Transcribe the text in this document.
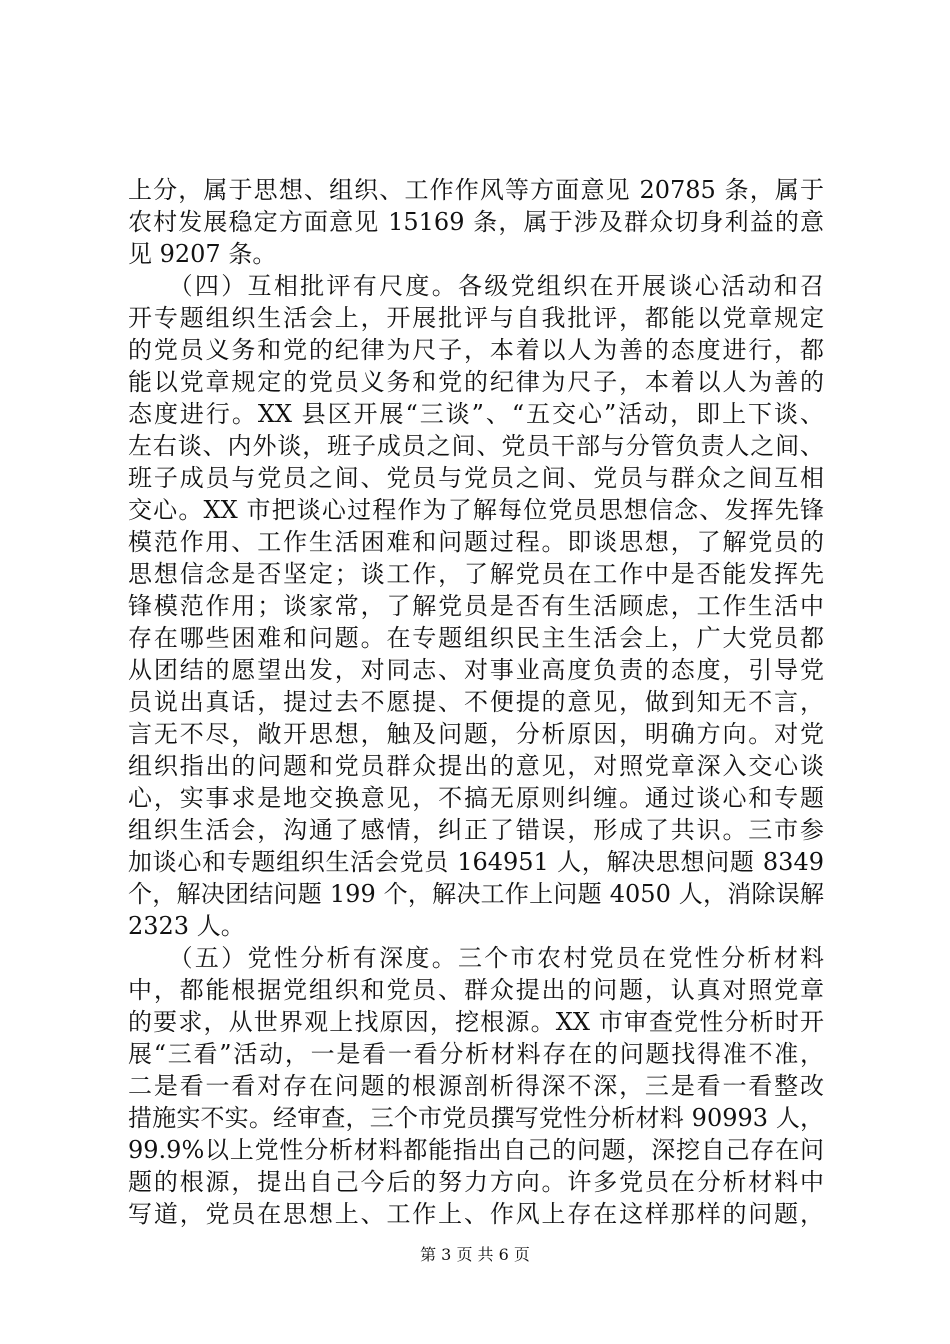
上分，属于思想、组织、工作作风等方面意见 20785 条，属于
农村发展稳定方面意见 15169 条，属于涉及群众切身利益的意
见 9207 条。
　　（四）互相批评有尺度。各级党组织在开展谈心活动和召
开专题组织生活会上，开展批评与自我批评，都能以党章规定
的党员义务和党的纪律为尺子，本着以人为善的态度进行，都
能以党章规定的党员义务和党的纪律为尺子，本着以人为善的
态度进行。XX 县区开展“三谈”、“五交心”活动，即上下谈、
左右谈、内外谈，班子成员之间、党员干部与分管负责人之间、
班子成员与党员之间、党员与党员之间、党员与群众之间互相
交心。XX 市把谈心过程作为了解每位党员思想信念、发挥先锋
模范作用、工作生活困难和问题过程。即谈思想，了解党员的
思想信念是否坚定；谈工作，了解党员在工作中是否能发挥先
锋模范作用；谈家常，了解党员是否有生活顾虑，工作生活中
存在哪些困难和问题。在专题组织民主生活会上，广大党员都
从团结的愿望出发，对同志、对事业高度负责的态度，引导党
员说出真话，提过去不愿提、不便提的意见，做到知无不言，
言无不尽，敞开思想，触及问题，分析原因，明确方向。对党
组织指出的问题和党员群众提出的意见，对照党章深入交心谈
心，实事求是地交换意见，不搞无原则纠缠。通过谈心和专题
组织生活会，沟通了感情，纠正了错误，形成了共识。三市参
加谈心和专题组织生活会党员 164951 人，解决思想问题 8349
个，解决团结问题 199 个，解决工作上问题 4050 人，消除误解
2323 人。
　　（五）党性分析有深度。三个市农村党员在党性分析材料
中，都能根据党组织和党员、群众提出的问题，认真对照党章
的要求，从世界观上找原因，挖根源。XX 市审查党性分析时开
展“三看”活动，一是看一看分析材料存在的问题找得准不准，
二是看一看对存在问题的根源剖析得深不深，三是看一看整改
措施实不实。经审查，三个市党员撰写党性分析材料 90993 人，
99.9%以上党性分析材料都能指出自己的问题，深挖自己存在问
题的根源，提出自己今后的努力方向。许多党员在分析材料中
写道，党员在思想上、工作上、作风上存在这样那样的问题，
第 3 页 共 6 页
